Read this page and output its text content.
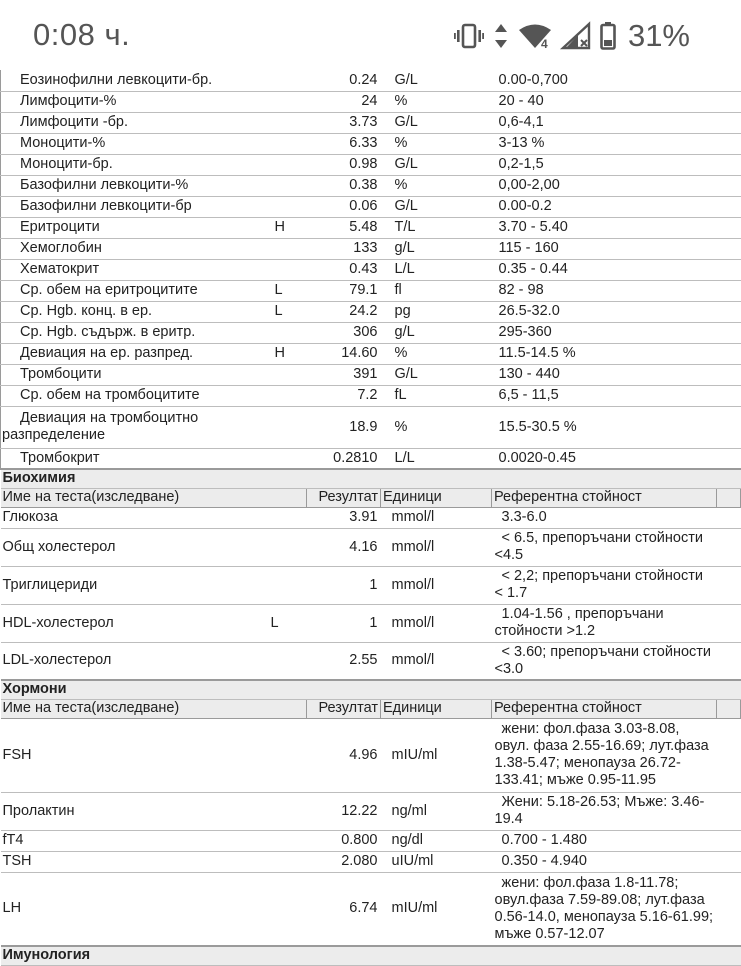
0:08 ч.	4	31%
Еозинофилни левкоцити-бр.		0.24	G/L	0.00-0,700	
Лимфоцити-%		24	%	20 - 40	
Лимфоцити -бр.		3.73	G/L	0,6-4,1	
Моноцити-%		6.33	%	3-13 %	
Моноцити-бр.		0.98	G/L	0,2-1,5	
Базофилни левкоцити-%		0.38	%	0,00-2,00	
Базофилни левкоцити-бр		0.06	G/L	0.00-0.2	
Еритроцити	H	5.48	T/L	3.70 - 5.40	
Хемоглобин		133	g/L	115 - 160	
Хематокрит		0.43	L/L	0.35 - 0.44	
Ср. обем на еритроцитите	L	79.1	fl	82 - 98	
Ср. Hgb. конц. в ер.	L	24.2	pg	26.5-32.0	
Ср. Hgb. съдърж. в еритр.		306	g/L	295-360	
Девиация на ер. разпред.	H	14.60	%	11.5-14.5 %	
Тромбоцити		391	G/L	130 - 440	
Ср. обем на тромбоцитите		7.2	fL	6,5 - 11,5	
Девиация на тромбоцитно разпределение		18.9	%	15.5-30.5 %	
Тромбокрит		0.2810	L/L	0.0020-0.45	
Биохимия					
Име на теста(изследване)		Резултат	Единици	Референтна стойност	
Глюкоза		3.91	mmol/l	3.3-6.0	
Общ холестерол		4.16	mmol/l	< 6.5, препоръчани стойности <4.5	
Триглицериди		1	mmol/l	< 2,2; препоръчани стойности < 1.7	
HDL-холестерол	L	1	mmol/l	1.04-1.56 , препоръчани стойности >1.2	
LDL-холестерол		2.55	mmol/l	< 3.60; препоръчани стойности <3.0	
Хормони					
Име на теста(изследване)		Резултат	Единици	Референтна стойност	
FSH		4.96	mIU/ml	жени: фол.фаза 3.03-8.08, овул. фаза 2.55-16.69; лут.фаза 1.38-5.47; менопауза 26.72-133.41; мъже 0.95-11.95	
Пролактин		12.22	ng/ml	Жени: 5.18-26.53; Мъже: 3.46-19.4	
fT4		0.800	ng/dl	0.700 - 1.480	
TSH		2.080	uIU/ml	0.350 - 4.940	
LH		6.74	mIU/ml	жени: фол.фаза 1.8-11.78; овул.фаза 7.59-89.08; лут.фаза 0.56-14.0, менопауза 5.16-61.99; мъже 0.57-12.07	
Имунология					
